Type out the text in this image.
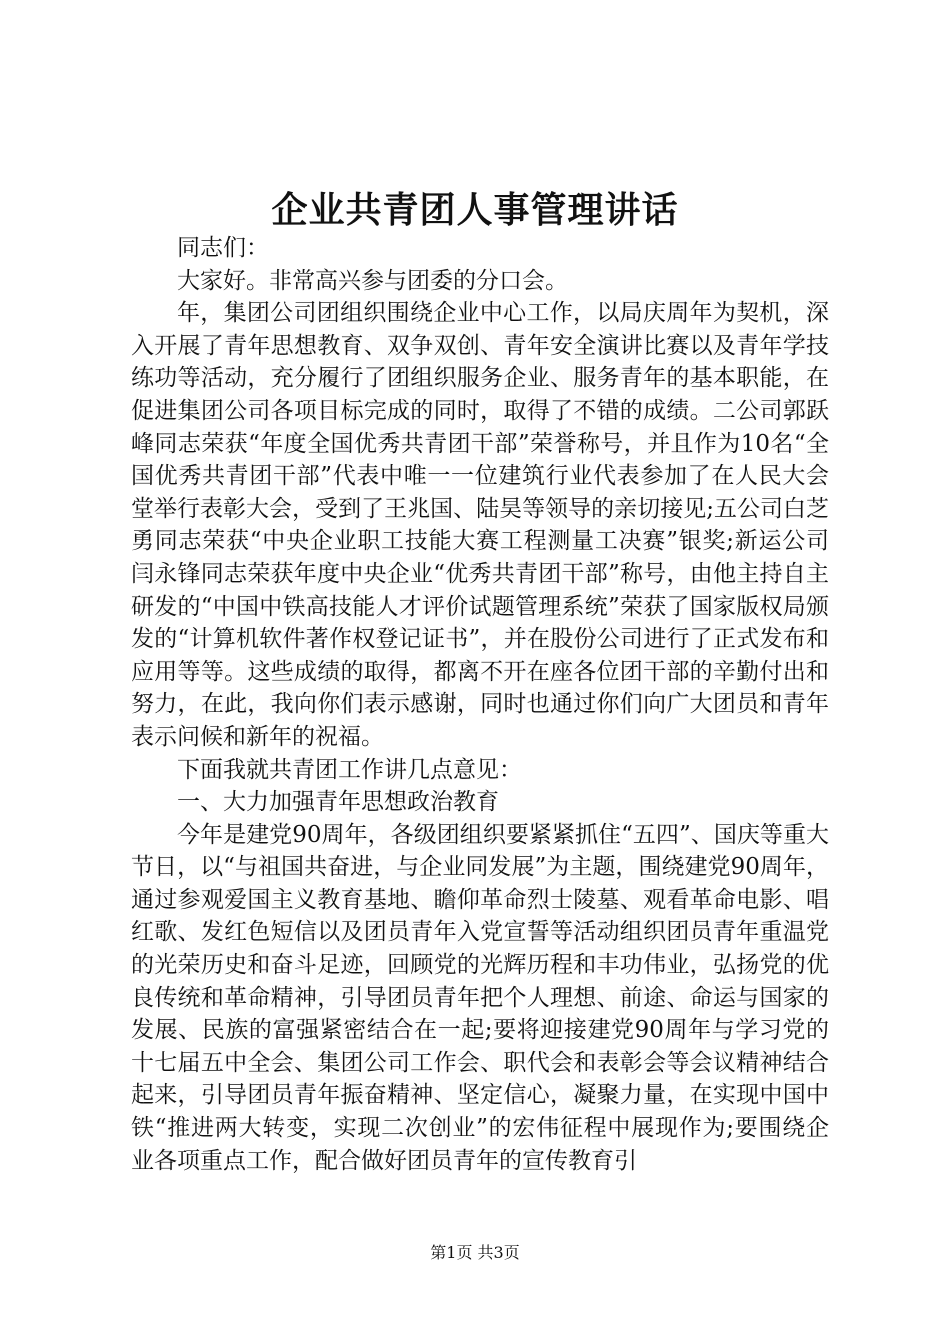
企业共青团人事管理讲话

同志们：

大家好。非常高兴参与团委的分口会。

年，集团公司团组织围绕企业中心工作，以局庆周年为契机，深入开展了青年思想教育、双争双创、青年安全演讲比赛以及青年学技练功等活动，充分履行了团组织服务企业、服务青年的基本职能，在促进集团公司各项目标完成的同时，取得了不错的成绩。二公司郭跃峰同志荣获“年度全国优秀共青团干部”荣誉称号，并且作为10名“全国优秀共青团干部”代表中唯一一位建筑行业代表参加了在人民大会堂举行表彰大会，受到了王兆国、陆昊等领导的亲切接见;五公司白芝勇同志荣获“中央企业职工技能大赛工程测量工决赛”银奖;新运公司闫永锋同志荣获年度中央企业“优秀共青团干部”称号，由他主持自主研发的“中国中铁高技能人才评价试题管理系统”荣获了国家版权局颁发的“计算机软件著作权登记证书”，并在股份公司进行了正式发布和应用等等。这些成绩的取得，都离不开在座各位团干部的辛勤付出和努力，在此，我向你们表示感谢，同时也通过你们向广大团员和青年表示问候和新年的祝福。

下面我就共青团工作讲几点意见：

一、大力加强青年思想政治教育

今年是建党90周年，各级团组织要紧紧抓住“五四”、国庆等重大节日，以“与祖国共奋进，与企业同发展”为主题，围绕建党90周年，通过参观爱国主义教育基地、瞻仰革命烈士陵墓、观看革命电影、唱红歌、发红色短信以及团员青年入党宣誓等活动组织团员青年重温党的光荣历史和奋斗足迹，回顾党的光辉历程和丰功伟业，弘扬党的优良传统和革命精神，引导团员青年把个人理想、前途、命运与国家的发展、民族的富强紧密结合在一起;要将迎接建党90周年与学习党的十七届五中全会、集团公司工作会、职代会和表彰会等会议精神结合起来，引导团员青年振奋精神、坚定信心，凝聚力量，在实现中国中铁“推进两大转变，实现二次创业”的宏伟征程中展现作为;要围绕企业各项重点工作，配合做好团员青年的宣传教育引

第1页 共3页
